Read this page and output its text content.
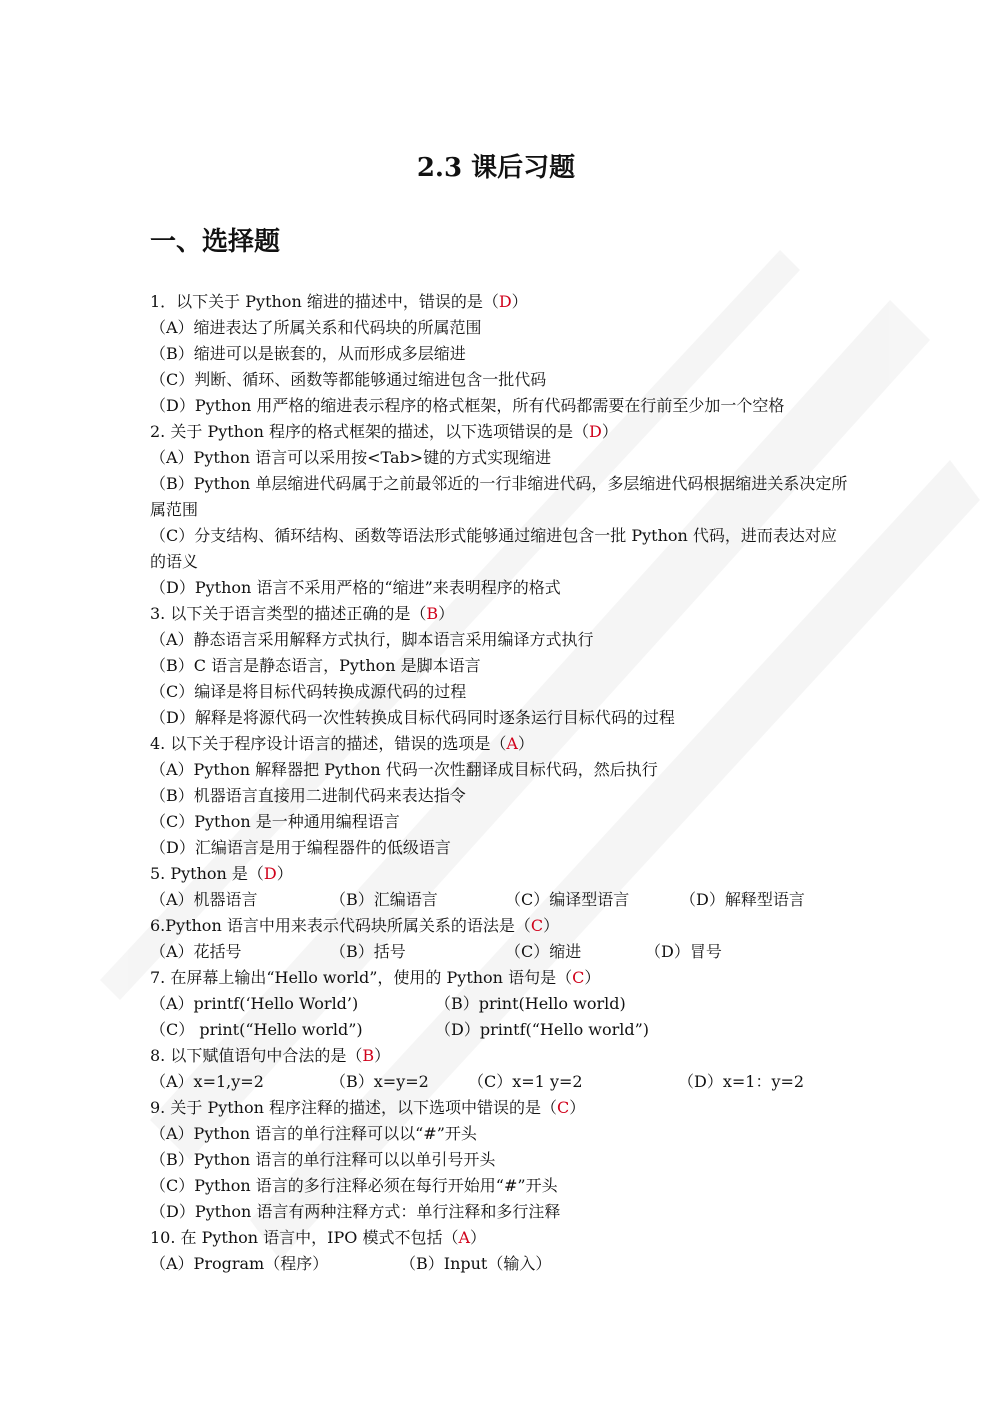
2.3 课后习题
一、选择题
1．以下关于 Python 缩进的描述中，错误的是（D）
（A）缩进表达了所属关系和代码块的所属范围
（B）缩进可以是嵌套的，从而形成多层缩进
（C）判断、循环、函数等都能够通过缩进包含一批代码
（D）Python 用严格的缩进表示程序的格式框架，所有代码都需要在行前至少加一个空格
2. 关于 Python 程序的格式框架的描述，以下选项错误的是（D）
（A）Python 语言可以采用按<Tab>键的方式实现缩进
（B）Python 单层缩进代码属于之前最邻近的一行非缩进代码，多层缩进代码根据缩进关系决定所属范围
（C）分支结构、循环结构、函数等语法形式能够通过缩进包含一批 Python 代码，进而表达对应的语义
（D）Python 语言不采用严格的“缩进”来表明程序的格式
3. 以下关于语言类型的描述正确的是（B）
（A）静态语言采用解释方式执行，脚本语言采用编译方式执行
（B）C 语言是静态语言，Python 是脚本语言
（C）编译是将目标代码转换成源代码的过程
（D）解释是将源代码一次性转换成目标代码同时逐条运行目标代码的过程
4. 以下关于程序设计语言的描述，错误的选项是（A）
（A）Python 解释器把 Python 代码一次性翻译成目标代码，然后执行
（B）机器语言直接用二进制代码来表达指令
（C）Python 是一种通用编程语言
（D）汇编语言是用于编程器件的低级语言
5. Python 是（D）
（A）机器语言	（B）汇编语言	（C）编译型语言	（D）解释型语言
6.Python 语言中用来表示代码块所属关系的语法是（C）
（A）花括号	（B）括号	（C）缩进	（D）冒号
7. 在屏幕上输出“Hello world”，使用的 Python 语句是（C）
（A）printf(‘Hello World’)	（B）print(Hello world)
（C） print(“Hello world”)	（D）printf(“Hello world”)
8. 以下赋值语句中合法的是（B）
（A）x=1,y=2	（B）x=y=2 （C）x=1 y=2	（D）x=1：y=2
9. 关于 Python 程序注释的描述，以下选项中错误的是（C）
（A）Python 语言的单行注释可以以“#”开头
（B）Python 语言的单行注释可以以单引号开头
（C）Python 语言的多行注释必须在每行开始用“#”开头
（D）Python 语言有两种注释方式：单行注释和多行注释
10. 在 Python 语言中，IPO 模式不包括（A）
（A）Program（程序）	（B）Input（输入）
